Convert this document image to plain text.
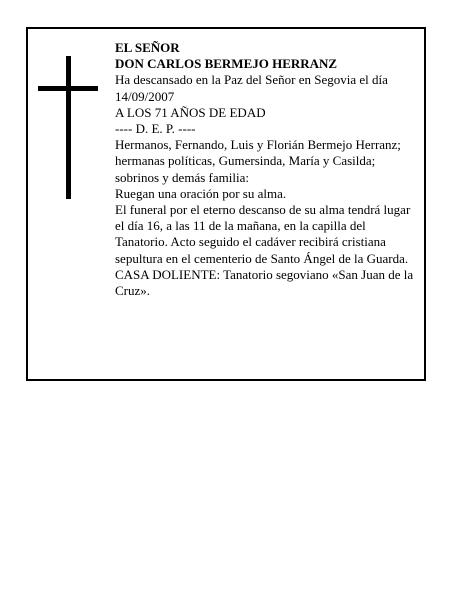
EL SEÑOR

DON CARLOS BERMEJO HERRANZ

Ha descansado en la Paz del Señor en Segovia el día 14/09/2007

A LOS 71 AÑOS DE EDAD

---- D. E. P. ----

Hermanos, Fernando, Luis y Florián Bermejo Herranz; hermanas políticas, Gumersinda, María y Casilda; sobrinos y demás familia:

Ruegan una oración por su alma.

El funeral por el eterno descanso de su alma tendrá lugar el día 16, a las 11 de la mañana, en la capilla del Tanatorio. Acto seguido el cadáver recibirá cristiana sepultura en el cementerio de Santo Ángel de la Guarda.

CASA DOLIENTE: Tanatorio segoviano «San Juan de la Cruz».
